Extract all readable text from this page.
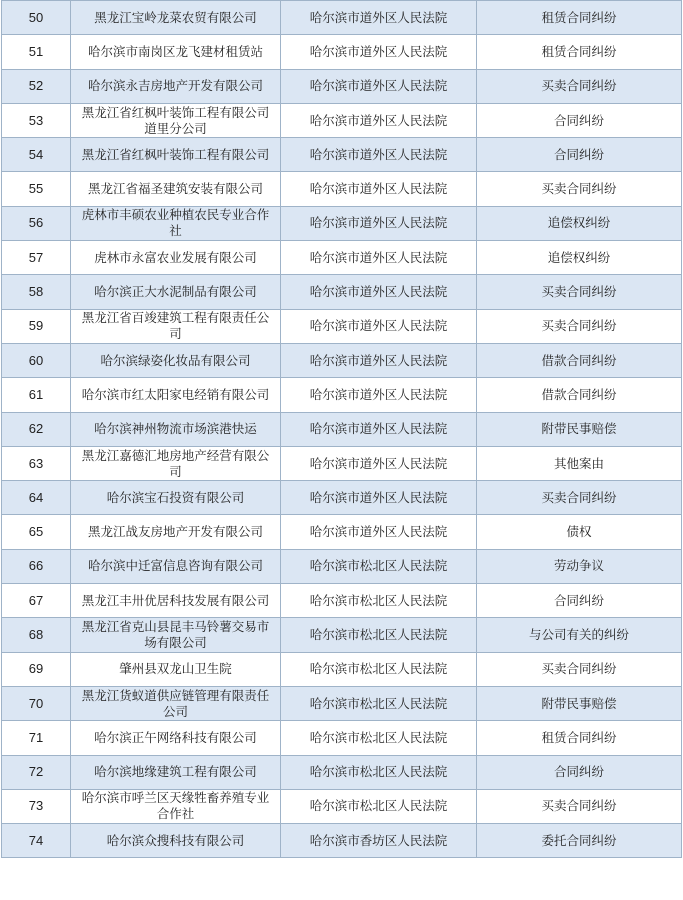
50	黑龙江宝岭龙菜农贸有限公司	哈尔滨市道外区人民法院	租赁合同纠纷
51	哈尔滨市南岗区龙飞建材租赁站	哈尔滨市道外区人民法院	租赁合同纠纷
52	哈尔滨永吉房地产开发有限公司	哈尔滨市道外区人民法院	买卖合同纠纷
53	黑龙江省红枫叶装饰工程有限公司道里分公司	哈尔滨市道外区人民法院	合同纠纷
54	黑龙江省红枫叶装饰工程有限公司	哈尔滨市道外区人民法院	合同纠纷
55	黑龙江省福圣建筑安装有限公司	哈尔滨市道外区人民法院	买卖合同纠纷
56	虎林市丰硕农业种植农民专业合作社	哈尔滨市道外区人民法院	追偿权纠纷
57	虎林市永富农业发展有限公司	哈尔滨市道外区人民法院	追偿权纠纷
58	哈尔滨正大水泥制品有限公司	哈尔滨市道外区人民法院	买卖合同纠纷
59	黑龙江省百竣建筑工程有限责任公司	哈尔滨市道外区人民法院	买卖合同纠纷
60	哈尔滨绿姿化妆品有限公司	哈尔滨市道外区人民法院	借款合同纠纷
61	哈尔滨市红太阳家电经销有限公司	哈尔滨市道外区人民法院	借款合同纠纷
62	哈尔滨神州物流市场滨港快运	哈尔滨市道外区人民法院	附带民事赔偿
63	黑龙江嘉德汇地房地产经营有限公司	哈尔滨市道外区人民法院	其他案由
64	哈尔滨宝石投资有限公司	哈尔滨市道外区人民法院	买卖合同纠纷
65	黑龙江战友房地产开发有限公司	哈尔滨市道外区人民法院	债权
66	哈尔滨中迁富信息咨询有限公司	哈尔滨市松北区人民法院	劳动争议
67	黑龙江丰卅优居科技发展有限公司	哈尔滨市松北区人民法院	合同纠纷
68	黑龙江省克山县昆丰马铃薯交易市场有限公司	哈尔滨市松北区人民法院	与公司有关的纠纷
69	肇州县双龙山卫生院	哈尔滨市松北区人民法院	买卖合同纠纷
70	黑龙江货蚁道供应链管理有限责任公司	哈尔滨市松北区人民法院	附带民事赔偿
71	哈尔滨正午网络科技有限公司	哈尔滨市松北区人民法院	租赁合同纠纷
72	哈尔滨地缘建筑工程有限公司	哈尔滨市松北区人民法院	合同纠纷
73	哈尔滨市呼兰区天缘牲畜养殖专业合作社	哈尔滨市松北区人民法院	买卖合同纠纷
74	哈尔滨众搜科技有限公司	哈尔滨市香坊区人民法院	委托合同纠纷
